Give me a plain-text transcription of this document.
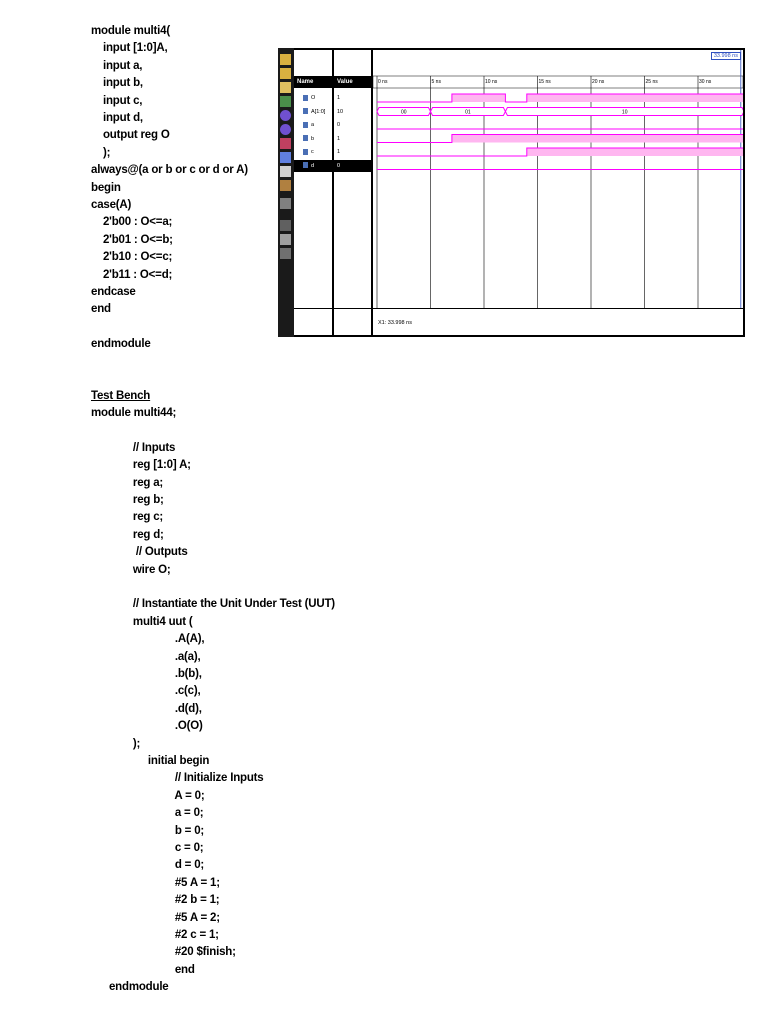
module multi4(
input [1:0]A,
input a,
input b,
input c,
input d,
output reg O
);
always@(a or b or c or d or A)
begin
case(A)
2'b00 : O<=a;
2'b01 : O<=b;
2'b10 : O<=c;
2'b11 : O<=d;
endcase
end
endmodule
Test Bench
module multi44;
// Inputs
reg [1:0] A;
reg a;
reg b;
reg c;
reg d;
// Outputs
wire O;
// Instantiate the Unit Under Test (UUT)
multi4 uut (
.A(A),
.a(a),
.b(b),
.c(c),
.d(d),
.O(O)
);
initial begin
// Initialize Inputs
A = 0;
a = 0;
b = 0;
c = 0;
d = 0;
#5 A = 1;
#2 b = 1;
#5 A = 2;
#2 c = 1;
#20 $finish;
end
endmodule
Name	Value
O	1
A[1:0]	10
a	0
b	1
c	1
d	0
0 ns	5 ns	10 ns	15 ns	20 ns	25 ns	30 ns
00	01	10
33.998 ns
X1: 33.998 ns
